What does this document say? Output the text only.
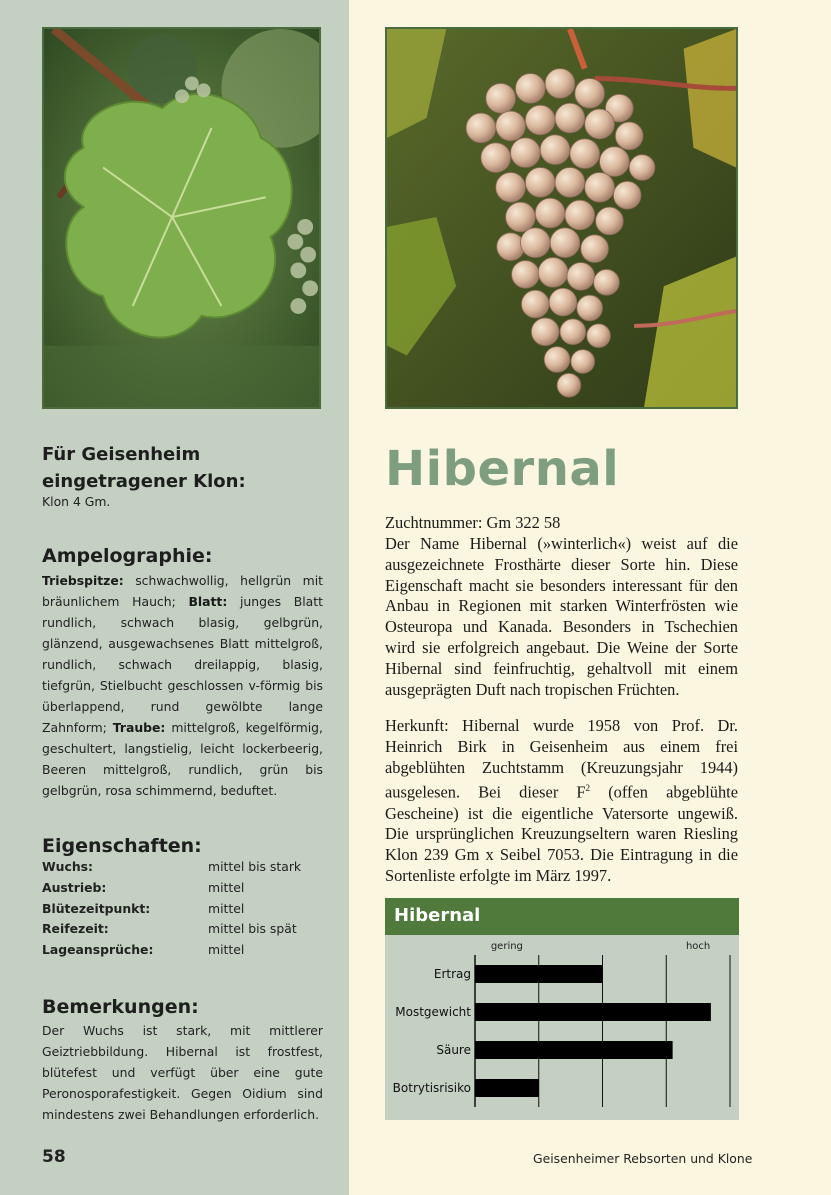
Für Geisenheim eingetragener Klon:
Klon 4 Gm.
Ampelographie:
Triebspitze: schwachwollig, hellgrün mit bräunlichem Hauch; Blatt: junges Blatt rundlich, schwach blasig, gelbgrün, glänzend, ausgewachsenes Blatt mittelgroß, rundlich, schwach dreilappig, blasig, tiefgrün, Stielbucht geschlossen v-förmig bis überlappend, rund gewölbte lange Zahnform; Traube: mittelgroß, kegelförmig, geschultert, langstielig, leicht lockerbeerig, Beeren mittelgroß, rundlich, grün bis gelbgrün, rosa schimmernd, beduftet.
Eigenschaften:
Wuchs:	mittel bis stark
Austrieb:	mittel
Blütezeitpunkt:	mittel
Reifezeit:	mittel bis spät
Lageansprüche:	mittel
Bemerkungen:
Der Wuchs ist stark, mit mittlerer Geiztriebbildung. Hibernal ist frostfest, blütefest und verfügt über eine gute Peronosporafestigkeit. Gegen Oidium sind mindestens zwei Behandlungen erforderlich.
58
Hibernal
Zuchtnummer: Gm 322 58
Der Name Hibernal (»winterlich«) weist auf die ausgezeichnete Frosthärte dieser Sorte hin. Diese Eigenschaft macht sie besonders interessant für den Anbau in Regionen mit starken Winterfrösten wie Osteuropa und Kanada. Besonders in Tschechien wird sie erfolgreich angebaut. Die Weine der Sorte Hibernal sind feinfruchtig, gehaltvoll mit einem ausgeprägten Duft nach tropischen Früchten.
Herkunft: Hibernal wurde 1958 von Prof. Dr. Heinrich Birk in Geisenheim aus einem frei abgeblühten Zuchtstamm (Kreuzungsjahr 1944) ausgelesen. Bei dieser $F^2$ (offen abgeblühte Gescheine) ist die eigentliche Vatersorte ungewiß. Die ursprünglichen Kreuzungseltern waren Riesling Klon 239 Gm x Seibel 7053. Die Eintragung in die Sortenliste erfolgte im März 1997.
Hibernal
gering	hoch
Ertrag
Mostgewicht
Säure
Botrytisrisiko
Geisenheimer Rebsorten und Klone
